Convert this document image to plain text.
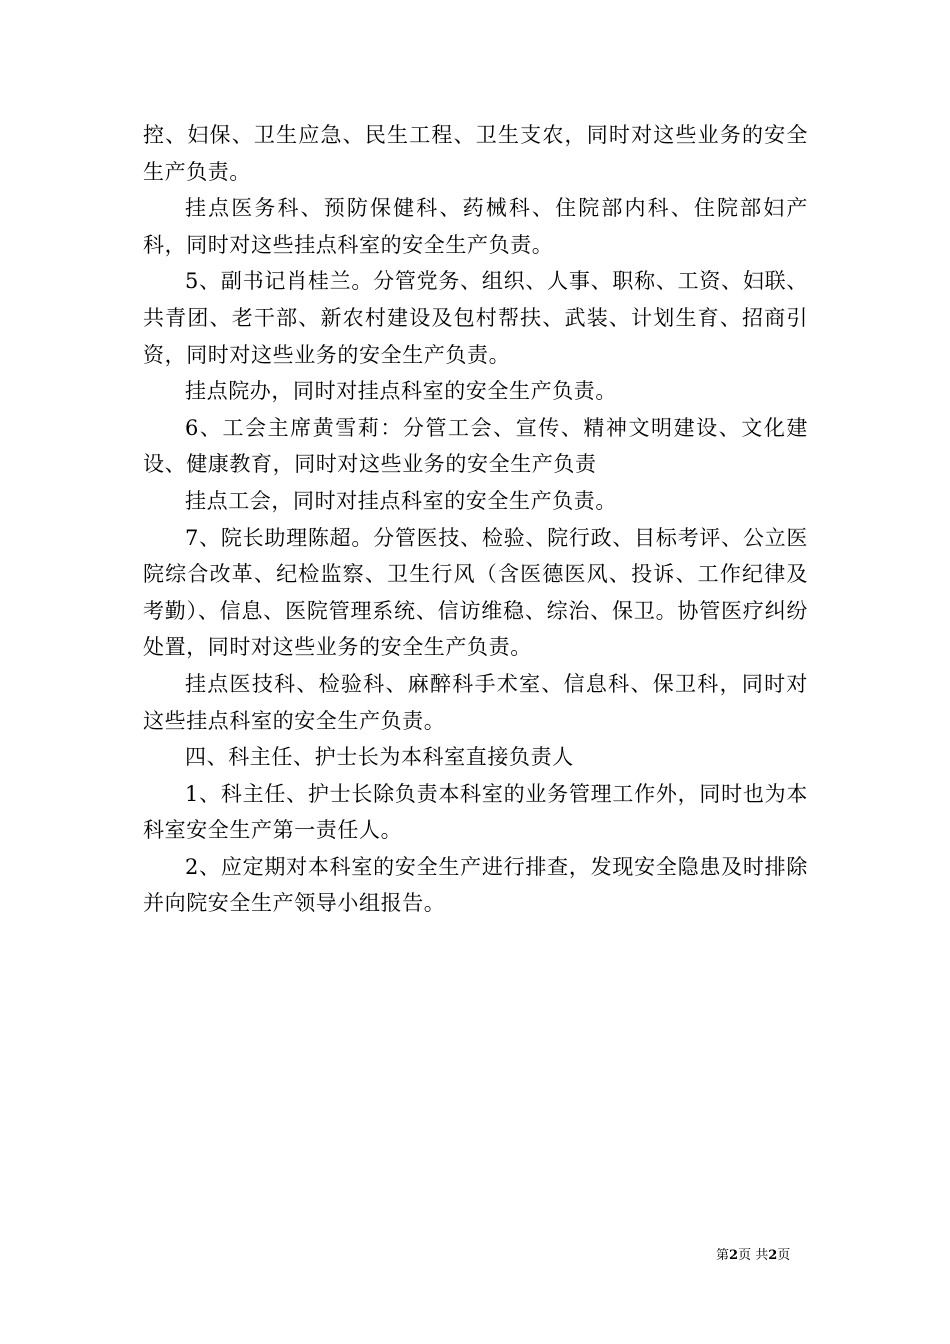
控、妇保、卫生应急、民生工程、卫生支农，同时对这些业务的安全生产负责。

挂点医务科、预防保健科、药械科、住院部内科、住院部妇产科，同时对这些挂点科室的安全生产负责。

5、副书记肖桂兰。分管党务、组织、人事、职称、工资、妇联、共青团、老干部、新农村建设及包村帮扶、武装、计划生育、招商引资，同时对这些业务的安全生产负责。

挂点院办，同时对挂点科室的安全生产负责。

6、工会主席黄雪莉：分管工会、宣传、精神文明建设、文化建设、健康教育，同时对这些业务的安全生产负责

挂点工会，同时对挂点科室的安全生产负责。

7、院长助理陈超。分管医技、检验、院行政、目标考评、公立医院综合改革、纪检监察、卫生行风（含医德医风、投诉、工作纪律及考勤）、信息、医院管理系统、信访维稳、综治、保卫。协管医疗纠纷处置，同时对这些业务的安全生产负责。

挂点医技科、检验科、麻醉科手术室、信息科、保卫科，同时对这些挂点科室的安全生产负责。

四、科主任、护士长为本科室直接负责人

1、科主任、护士长除负责本科室的业务管理工作外，同时也为本科室安全生产第一责任人。

2、应定期对本科室的安全生产进行排查，发现安全隐患及时排除并向院安全生产领导小组报告。

第2页 共2页
